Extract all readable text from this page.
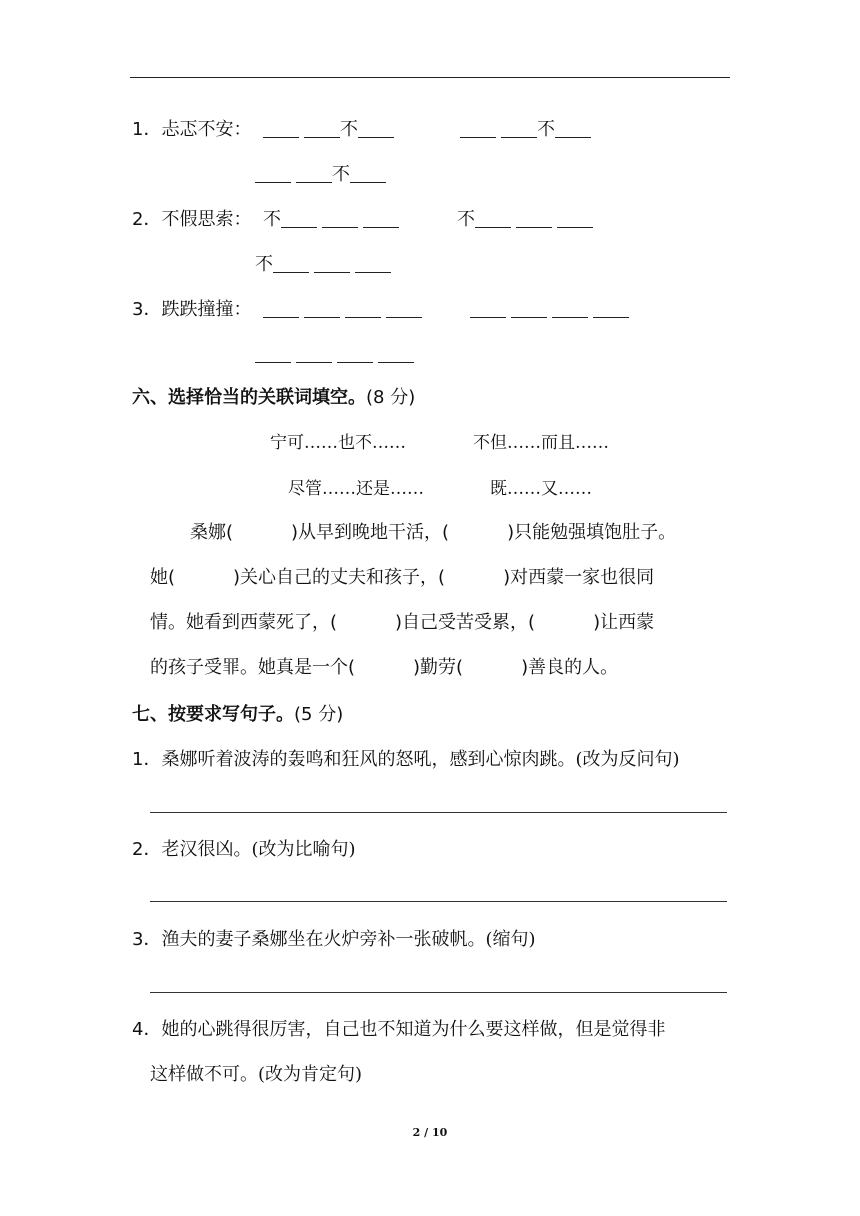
1．忐忑不安：	不	不
不
2．不假思索： 不	不
不
3．跌跌撞撞：
六、选择恰当的关联词填空。(8 分)
宁可……也不……	不但……而且……
尽管……还是……	既……又……
桑娜(	)从早到晚地干活，(	)只能勉强填饱肚子。
她(	)关心自己的丈夫和孩子，(	)对西蒙一家也很同
情。她看到西蒙死了，(	)自己受苦受累，(	)让西蒙
的孩子受罪。她真是一个(	)勤劳(	)善良的人。
七、按要求写句子。(5 分)
1．桑娜听着波涛的轰鸣和狂风的怒吼，感到心惊肉跳。(改为反问句)
2．老汉很凶。(改为比喻句)
3．渔夫的妻子桑娜坐在火炉旁补一张破帆。(缩句)
4．她的心跳得很厉害，自己也不知道为什么要这样做，但是觉得非
这样做不可。(改为肯定句)
2 / 10
